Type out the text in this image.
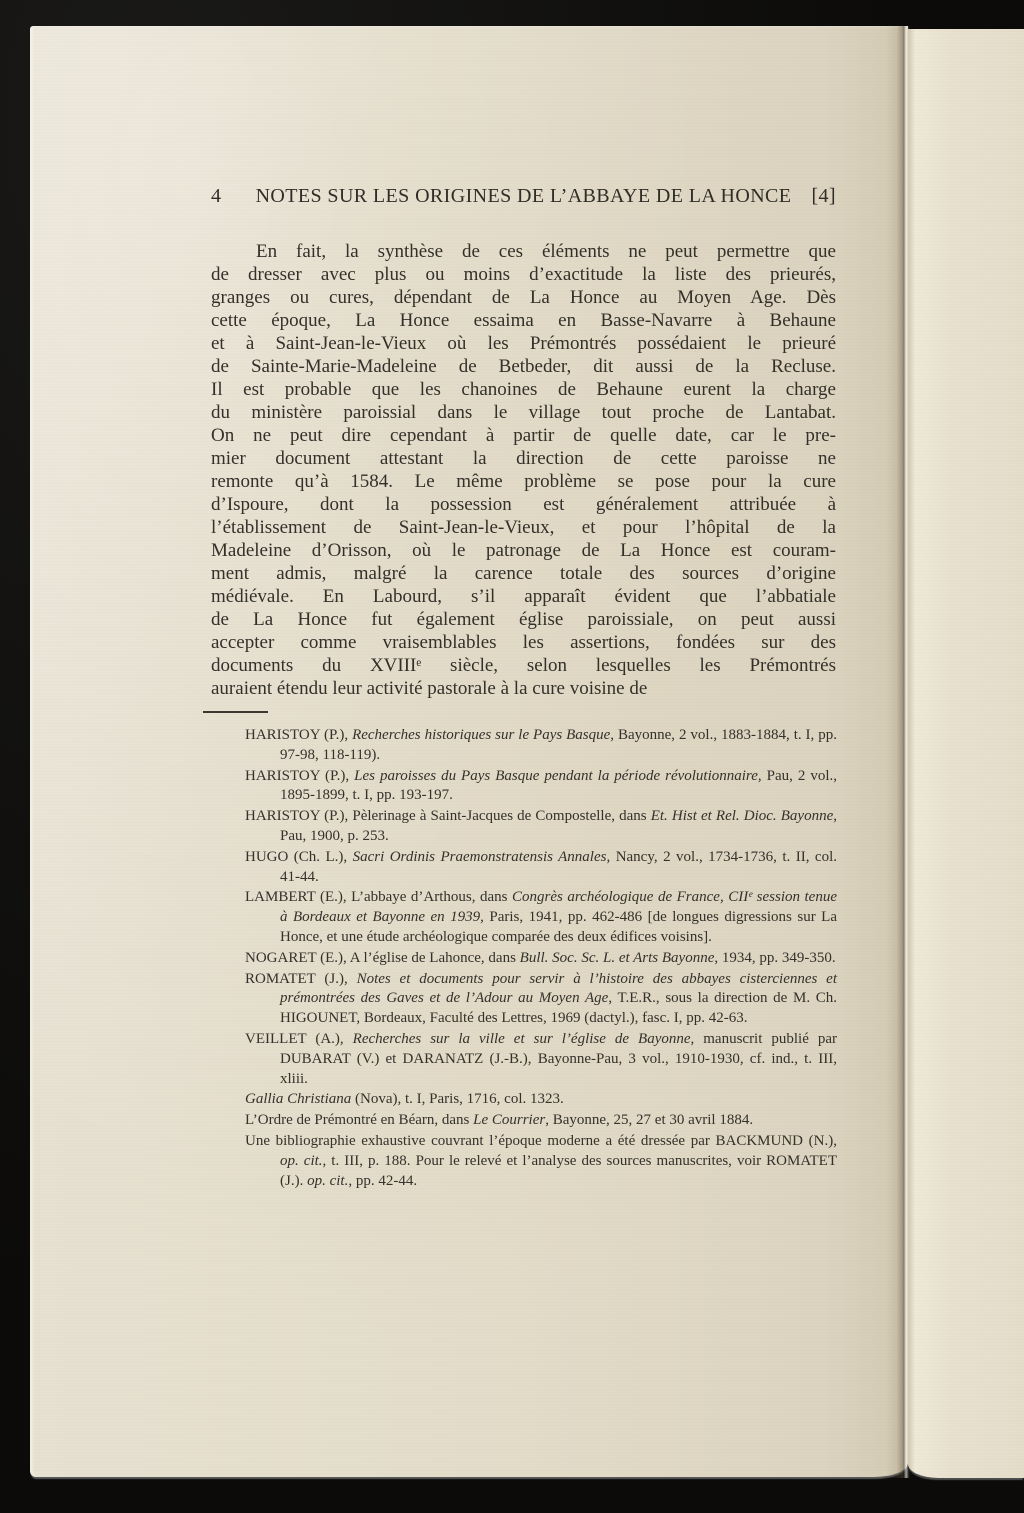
4 NOTES SUR LES ORIGINES DE L’ABBAYE DE LA HONCE [4]
En fait, la synthèse de ces éléments ne peut permettre que
de dresser avec plus ou moins d’exactitude la liste des prieurés,
granges ou cures, dépendant de La Honce au Moyen Age. Dès
cette époque, La Honce essaima en Basse-Navarre à Behaune
et à Saint-Jean-le-Vieux où les Prémontrés possédaient le prieuré
de Sainte-Marie-Madeleine de Betbeder, dit aussi de la Recluse.
Il est probable que les chanoines de Behaune eurent la charge
du ministère paroissial dans le village tout proche de Lantabat.
On ne peut dire cependant à partir de quelle date, car le pre-
mier document attestant la direction de cette paroisse ne
remonte qu’à 1584. Le même problème se pose pour la cure
d’Ispoure, dont la possession est généralement attribuée à
l’établissement de Saint-Jean-le-Vieux, et pour l’hôpital de la
Madeleine d’Orisson, où le patronage de La Honce est couram-
ment admis, malgré la carence totale des sources d’origine
médiévale. En Labourd, s’il apparaît évident que l’abbatiale
de La Honce fut également église paroissiale, on peut aussi
accepter comme vraisemblables les assertions, fondées sur des
documents du XVIIIᵉ siècle, selon lesquelles les Prémontrés
auraient étendu leur activité pastorale à la cure voisine de

HARISTOY (P.), Recherches historiques sur le Pays Basque, Bayonne, 2 vol., 1883-1884, t. I, pp. 97-98, 118-119).

HARISTOY (P.), Les paroisses du Pays Basque pendant la période révolutionnaire, Pau, 2 vol., 1895-1899, t. I, pp. 193-197.

HARISTOY (P.), Pèlerinage à Saint-Jacques de Compostelle, dans Et. Hist et Rel. Dioc. Bayonne, Pau, 1900, p. 253.

HUGO (Ch. L.), Sacri Ordinis Praemonstratensis Annales, Nancy, 2 vol., 1734-1736, t. II, col. 41-44.

LAMBERT (E.), L’abbaye d’Arthous, dans Congrès archéologique de France, CIIᵉ session tenue à Bordeaux et Bayonne en 1939, Paris, 1941, pp. 462-486 [de longues digressions sur La Honce, et une étude archéologique comparée des deux édifices voisins].

NOGARET (E.), A l’église de Lahonce, dans Bull. Soc. Sc. L. et Arts Bayonne, 1934, pp. 349-350.

ROMATET (J.), Notes et documents pour servir à l’histoire des abbayes cisterciennes et prémontrées des Gaves et de l’Adour au Moyen Age, T.E.R., sous la direction de M. Ch. HIGOUNET, Bordeaux, Faculté des Lettres, 1969 (dactyl.), fasc. I, pp. 42-63.

VEILLET (A.), Recherches sur la ville et sur l’église de Bayonne, manuscrit publié par DUBARAT (V.) et DARANATZ (J.-B.), Bayonne-Pau, 3 vol., 1910-1930, cf. ind., t. III, xliii.

Gallia Christiana (Nova), t. I, Paris, 1716, col. 1323.

L’Ordre de Prémontré en Béarn, dans Le Courrier, Bayonne, 25, 27 et 30 avril 1884.

Une bibliographie exhaustive couvrant l’époque moderne a été dressée par BACKMUND (N.), op. cit., t. III, p. 188. Pour le relevé et l’analyse des sources manuscrites, voir ROMATET (J.). op. cit., pp. 42-44.
